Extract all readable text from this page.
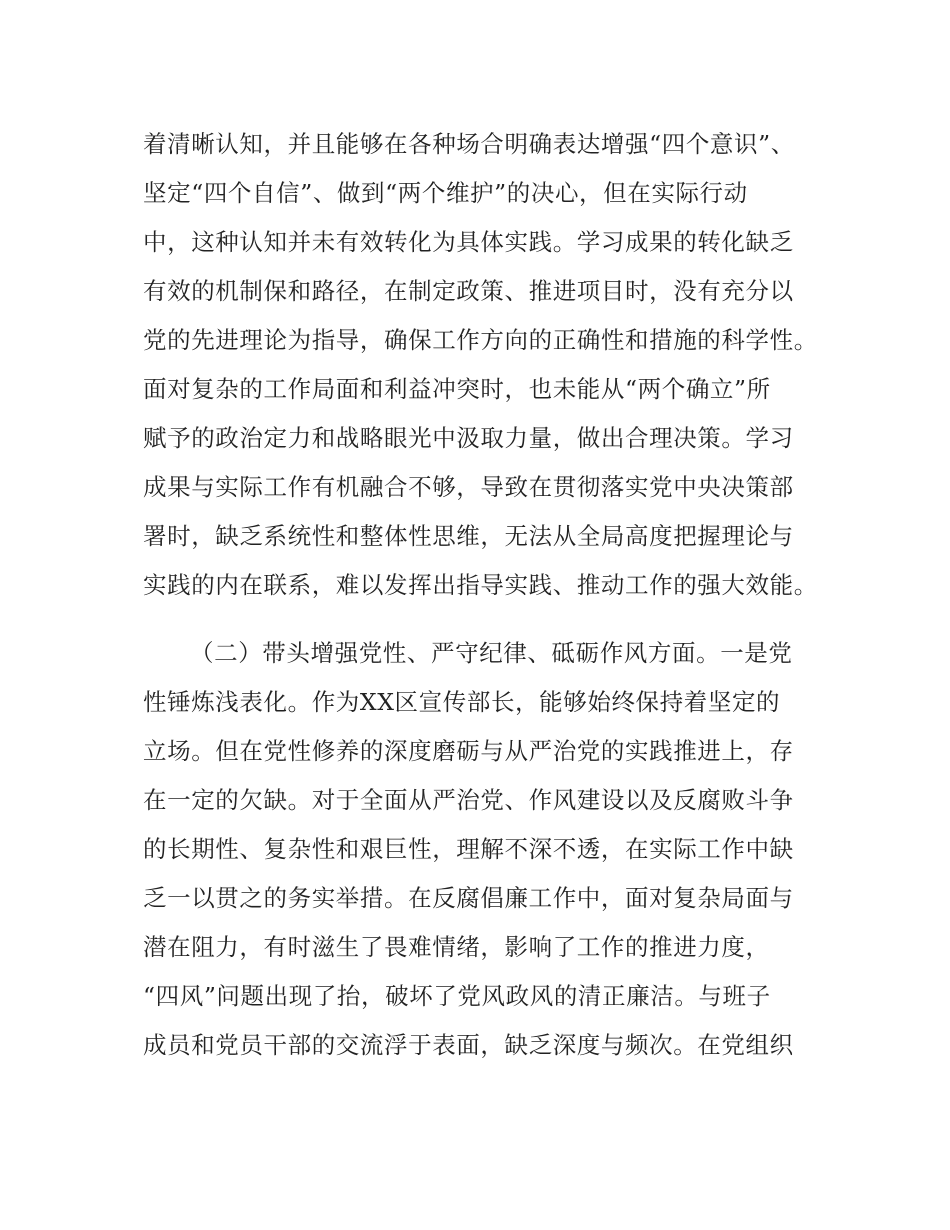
着清晰认知，并且能够在各种场合明确表达增强“四个意识”、
坚定“四个自信”、做到“两个维护”的决心，但在实际行动
中，这种认知并未有效转化为具体实践。学习成果的转化缺乏
有效的机制保和路径，在制定政策、推进项目时，没有充分以
党的先进理论为指导，确保工作方向的正确性和措施的科学性。
面对复杂的工作局面和利益冲突时，也未能从“两个确立”所
赋予的政治定力和战略眼光中汲取力量，做出合理决策。学习
成果与实际工作有机融合不够，导致在贯彻落实党中央决策部
署时，缺乏系统性和整体性思维，无法从全局高度把握理论与
实践的内在联系，难以发挥出指导实践、推动工作的强大效能。
（二）带头增强党性、严守纪律、砥砺作风方面。一是党
性锤炼浅表化。作为XX区宣传部长，能够始终保持着坚定的
立场。但在党性修养的深度磨砺与从严治党的实践推进上，存
在一定的欠缺。对于全面从严治党、作风建设以及反腐败斗争
的长期性、复杂性和艰巨性，理解不深不透，在实际工作中缺
乏一以贯之的务实举措。在反腐倡廉工作中，面对复杂局面与
潜在阻力，有时滋生了畏难情绪，影响了工作的推进力度，
“四风”问题出现了抬，破坏了党风政风的清正廉洁。与班子
成员和党员干部的交流浮于表面，缺乏深度与频次。在党组织
